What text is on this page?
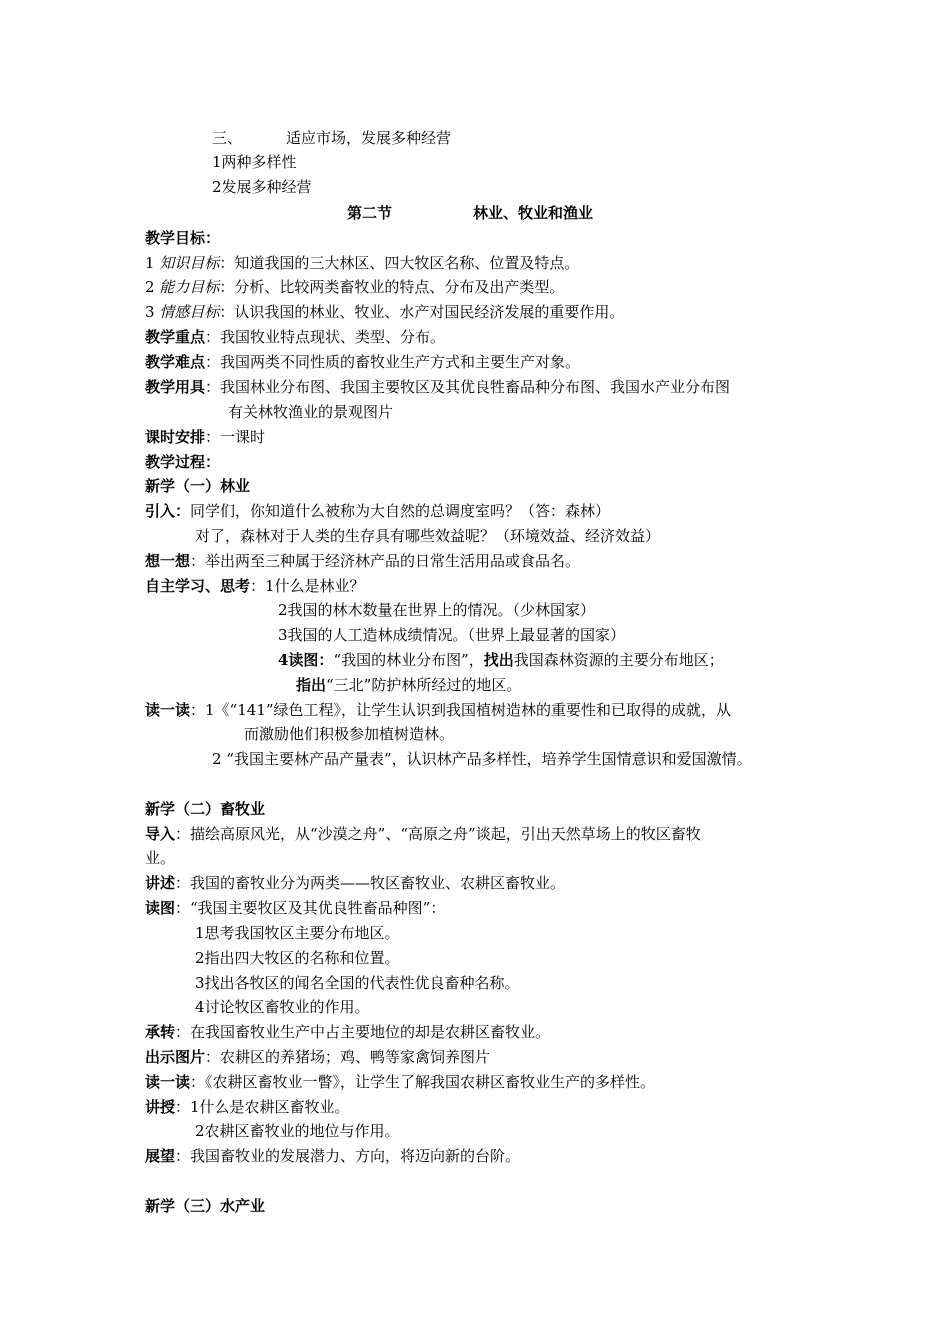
三、	适应市场，发展多种经营
1两种多样性
2发展多种经营
第二节	林业、牧业和渔业
教学目标：
1 知识目标：知道我国的三大林区、四大牧区名称、位置及特点。
2 能力目标：分析、比较两类畜牧业的特点、分布及出产类型。
3 情感目标：认识我国的林业、牧业、水产对国民经济发展的重要作用。
教学重点：我国牧业特点现状、类型、分布。
教学难点：我国两类不同性质的畜牧业生产方式和主要生产对象。
教学用具：我国林业分布图、我国主要牧区及其优良牲畜品种分布图、我国水产业分布图
有关林牧渔业的景观图片
课时安排：一课时
教学过程：
新学（一）林业
引入：同学们，你知道什么被称为大自然的总调度室吗？（答：森林）
对了，森林对于人类的生存具有哪些效益呢？（环境效益、经济效益）
想一想：举出两至三种属于经济林产品的日常生活用品或食品名。
自主学习、思考：1什么是林业？
2我国的林木数量在世界上的情况。（少林国家）
3我国的人工造林成绩情况。（世界上最显著的国家）
4读图：“我国的林业分布图”，找出我国森林资源的主要分布地区；
指出“三北”防护林所经过的地区。
读一读：1《“141”绿色工程》，让学生认识到我国植树造林的重要性和已取得的成就，从
而激励他们积极参加植树造林。
2 “我国主要林产品产量表”，认识林产品多样性，培养学生国情意识和爱国激情。
新学（二）畜牧业
导入：描绘高原风光，从“沙漠之舟”、“高原之舟”谈起，引出天然草场上的牧区畜牧
业。
讲述：我国的畜牧业分为两类——牧区畜牧业、农耕区畜牧业。
读图：“我国主要牧区及其优良牲畜品种图”：
1思考我国牧区主要分布地区。
2指出四大牧区的名称和位置。
3找出各牧区的闻名全国的代表性优良畜种名称。
4讨论牧区畜牧业的作用。
承转：在我国畜牧业生产中占主要地位的却是农耕区畜牧业。
出示图片：农耕区的养猪场；鸡、鸭等家禽饲养图片
读一读：《农耕区畜牧业一瞥》，让学生了解我国农耕区畜牧业生产的多样性。
讲授：1什么是农耕区畜牧业。
2农耕区畜牧业的地位与作用。
展望：我国畜牧业的发展潜力、方向，将迈向新的台阶。
新学（三）水产业
